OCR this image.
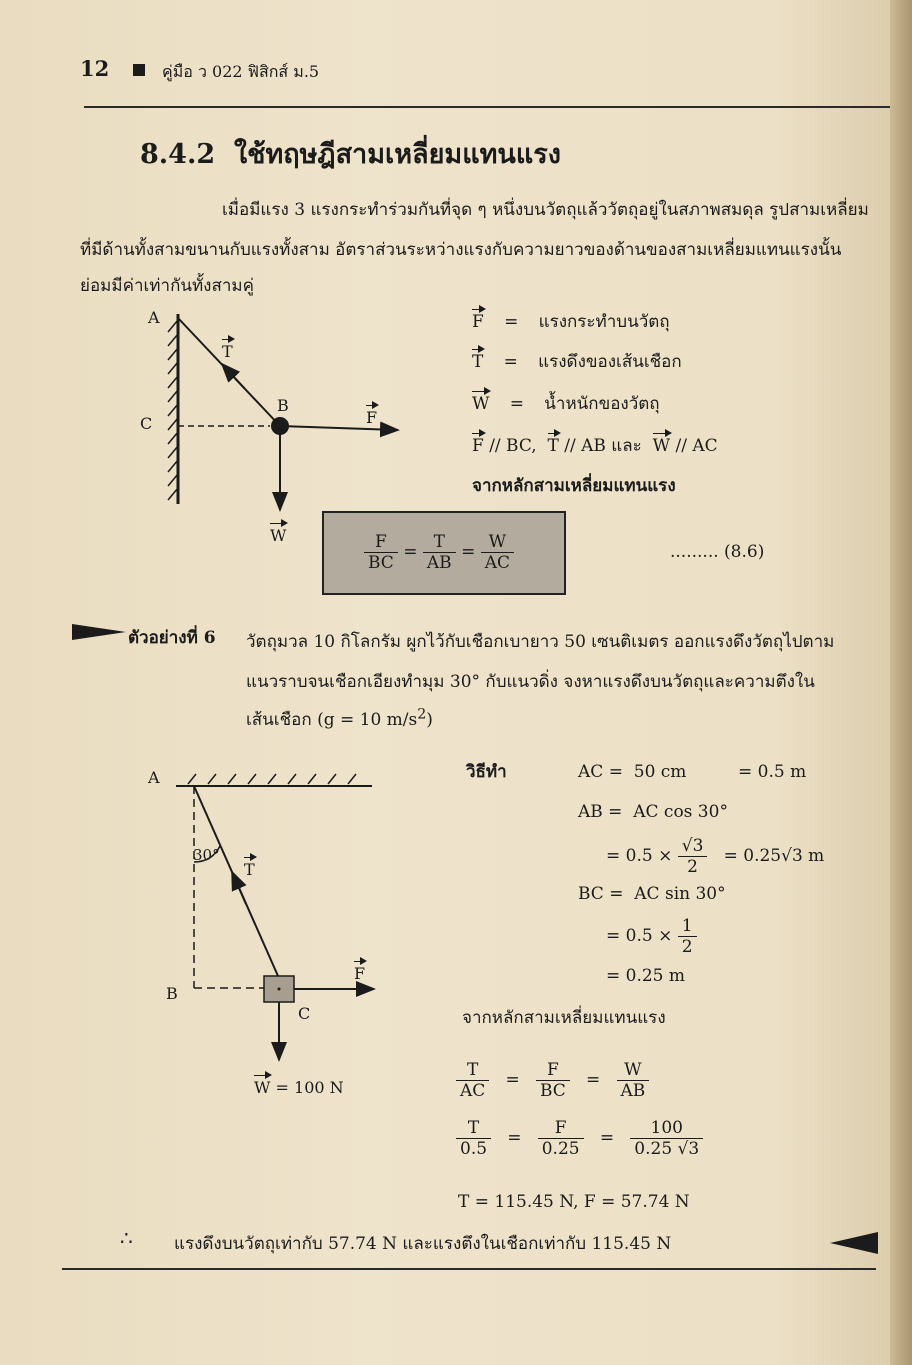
12	คู่มือ ว 022 ฟิสิกส์ ม.5
8.4.2 ใช้ทฤษฎีสามเหลี่ยมแทนแรง
เมื่อมีแรง 3 แรงกระทำร่วมกันที่จุด ๆ หนึ่งบนวัตถุแล้ววัตถุอยู่ในสภาพสมดุล รูปสามเหลี่ยม
ที่มีด้านทั้งสามขนานกับแรงทั้งสาม อัตราส่วนระหว่างแรงกับความยาวของด้านของสามเหลี่ยมแทนแรงนั้น
ย่อมมีค่าเท่ากันทั้งสามคู่
A
B
C
T
F
W
F = แรงกระทำบนวัตถุ
T = แรงดึงของเส้นเชือก
W = น้ำหนักของวัตถุ
F // BC, T // AB และ W // AC
จากหลักสามเหลี่ยมแทนแรง
$\frac{F}{BC} = \frac{T}{AB} = \frac{W}{AC}$	......... (8.6)
ตัวอย่างที่ 6 วัตถุมวล 10 กิโลกรัม ผูกไว้กับเชือกเบายาว 50 เซนติเมตร ออกแรงดึงวัตถุไปตาม
แนวราบจนเชือกเอียงทำมุม 30° กับแนวดิ่ง จงหาแรงดึงบนวัตถุและความตึงใน
เส้นเชือก (g = 10 $m/s^2$)
A
B
C
30°
T
F
W = 100 N
วิธีทำ	AC = 50 cm	= 0.5 m
AB = AC cos 30°
= $0.5 \times \frac{√3}{2} = 0.25√3$ m
BC = AC sin 30°
= $0.5 \times \frac{1}{2}$
= 0.25 m
จากหลักสามเหลี่ยมแทนแรง
$\frac{T}{AC} = \frac{F}{BC} = \frac{W}{AB}$
$\frac{T}{0.5} = \frac{F}{0.25} = \frac{100}{0.25 √3}$
T = 115.45 N, F = 57.74 N
∴ แรงดึงบนวัตถุเท่ากับ 57.74 N และแรงตึงในเชือกเท่ากับ 115.45 N
